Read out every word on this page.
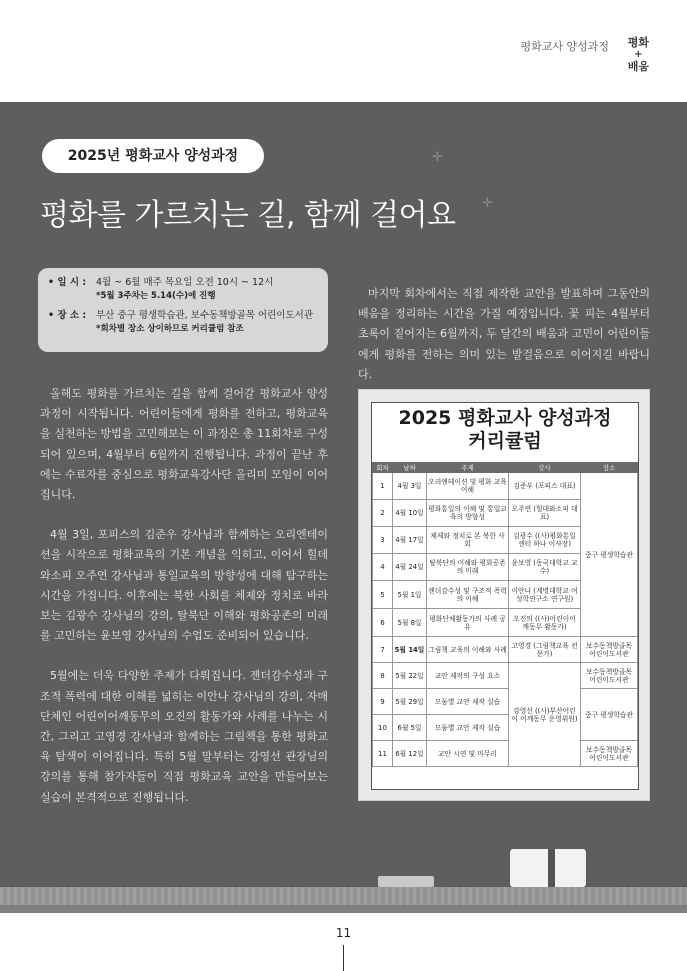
평화교사 양성과정 평화
+
배움
✛
✛
2025년 평화교사 양성과정
평화를 가르치는 길, 함께 걸어요
• 일 시 :	4월 ~ 6월 매주 목요일 오전 10시 ~ 12시
*5월 3주차는 5.14(수)에 진행
• 장 소 :	부산 중구 평생학습관, 보수동책방골목 어린이도서관
*회차별 장소 상이하므로 커리큘럼 참조

올해도 평화를 가르치는 길을 함께 걸어갈 평화교사 양성과정이 시작됩니다. 어린이들에게 평화를 전하고, 평화교육을 실천하는 방법을 고민해보는 이 과정은 총 11회차로 구성되어 있으며, 4월부터 6월까지 진행됩니다. 과정이 끝난 후에는 수료자를 중심으로 평화교육강사단 올리미 모임이 이어집니다.

4월 3일, 포피스의 김준우 강사님과 함께하는 오리엔테이션을 시작으로 평화교육의 기본 개념을 익히고, 이어서 힐데와소피 오주연 강사님과 통일교육의 방향성에 대해 탐구하는 시간을 가집니다. 이후에는 북한 사회를 체제와 정치로 바라보는 김광수 강사님의 강의, 탈북단 이해와 평화공존의 미래를 고민하는 윤보영 강사님의 수업도 준비되어 있습니다.

5월에는 더욱 다양한 주제가 다뤄집니다. 젠더감수성과 구조적 폭력에 대한 이해를 넓히는 이안나 강사님의 강의, 자매단체인 어린이어깨동무의 오진의 활동가와 사례를 나누는 시간, 그리고 고영경 강사님과 함께하는 그림책을 통한 평화교육 탐색이 이어집니다. 특히 5월 말부터는 강영선 관장님의 강의를 통해 참가자들이 직접 평화교육 교안을 만들어보는 실습이 본격적으로 진행됩니다.

마지막 회차에서는 직접 제작한 교안을 발표하며 그동안의 배움을 정리하는 시간을 가질 예정입니다. 꽃 피는 4월부터 초록이 짙어지는 6월까지, 두 달간의 배움과 고민이 어린이들에게 평화를 전하는 의미 있는 발걸음으로 이어지길 바랍니다.

2025 평화교사 양성과정
커리큘럼
회차	날짜	주제	강사	장소
1	4월 3일	오리엔테이션 및 평화 교육 이해	김준우 (포피스 대표)	중구 평생학습관
2	4월 10일	평화통일의 이해 및 통일교육의 방향성	오주연 (힐데와소피 대표)	
3	4월 17일	체제와 정치로 본 북한 사회	김광수 ((사)평화통일센터 하나 이사장)	
4	4월 24일	탈북단의 이해와 평화공존의 미래	윤보영 (동국대학교 교수)	
5	5월 1일	젠더감수성 및 구조적 폭력의 이해	이안나 (계명대학교 여성학연구소 연구원)	
6	5월 8일	평화단체활동가의 사례 공유	오진의 ((사)어린이어깨동무 활동가)	
7	5월 14일	그림책 교육의 이해와 사례	고영경 (그림책교육 전문가)	보수동책방골목 어린이도서관
8	5월 22일	교안 제작의 구성 요소	강영선 ((사)부산어린이 어깨동무 운영위원)	보수동책방골목 어린이도서관
9	5월 29일	모둠별 교안 제작 실습		중구 평생학습관
10	6월 5일	모둠별 교안 제작 실습		
11	6월 12일	교안 시연 및 마무리		보수동책방골목 어린이도서관
11
